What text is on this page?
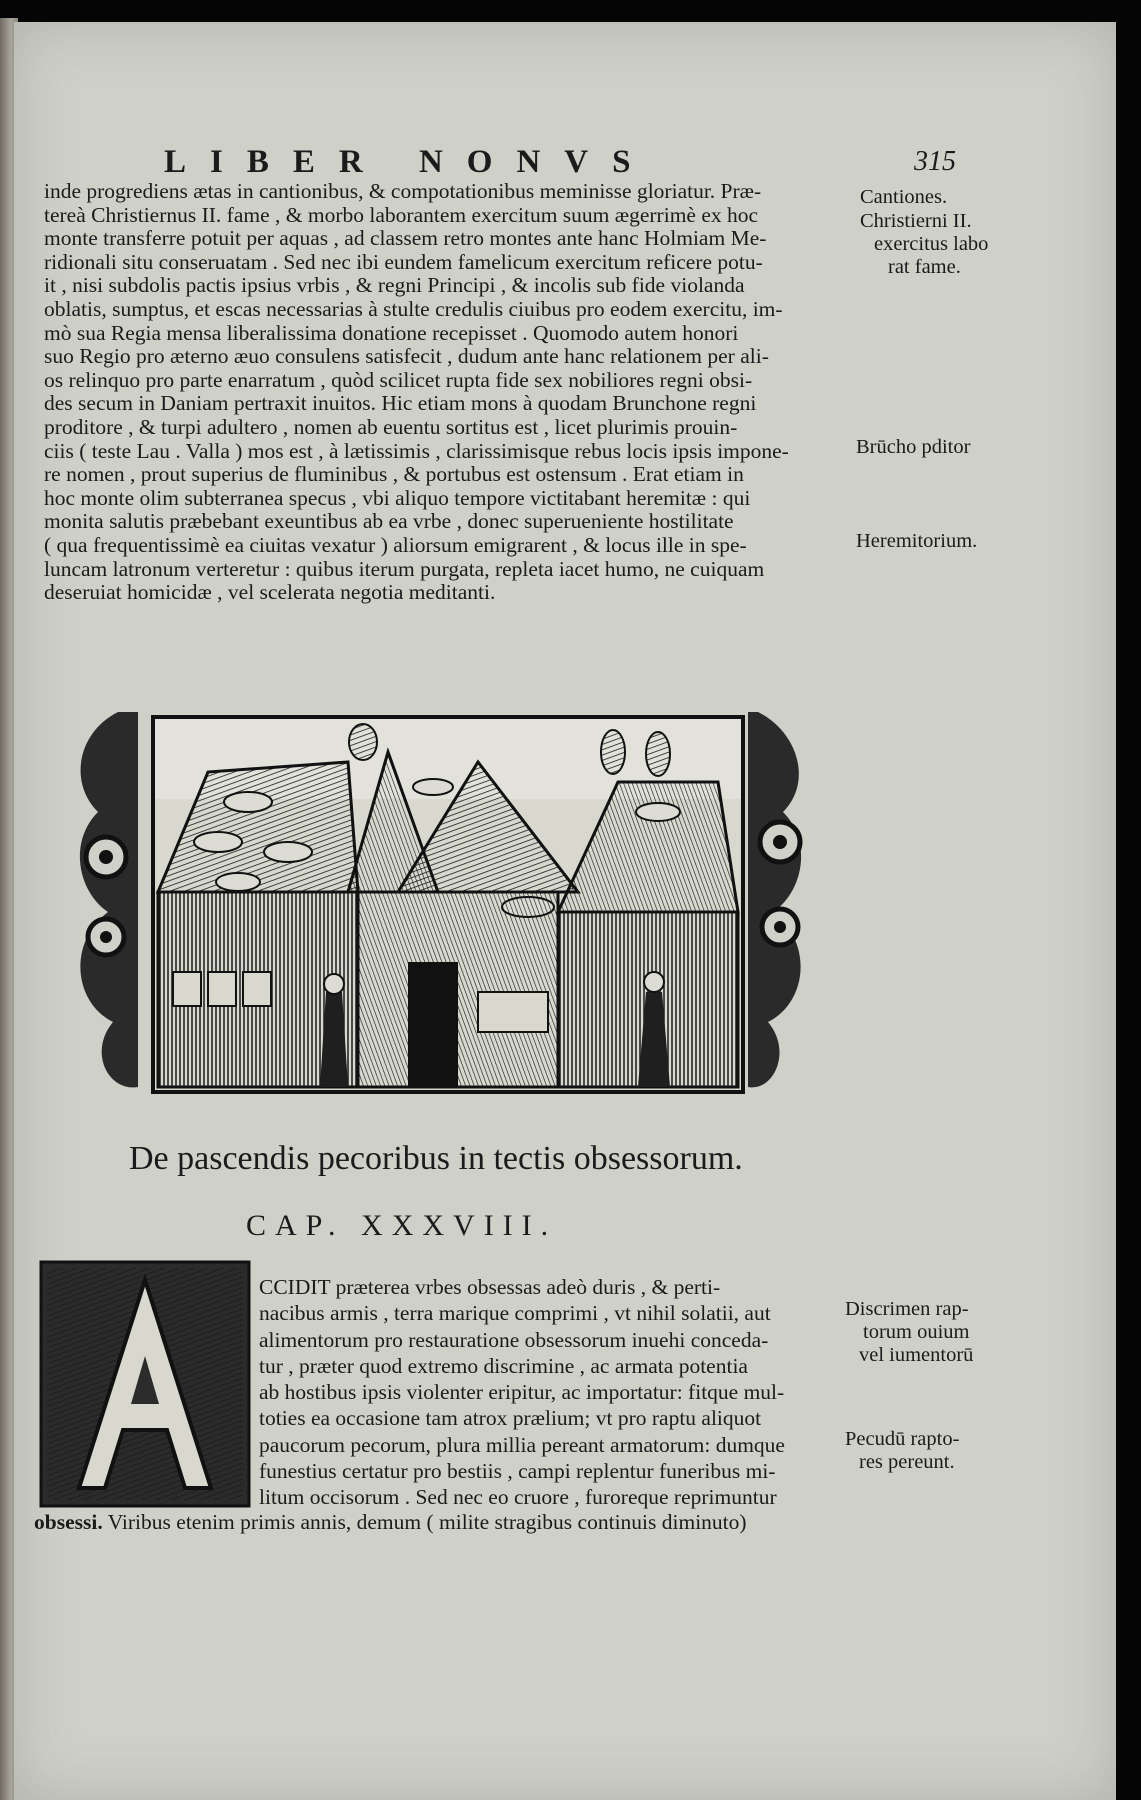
LIBER NONVS	315
inde progrediens ætas in cantionibus, & compotationibus meminisse gloriatur. Præ-
tereà Christiernus II. fame , & morbo laborantem exercitum suum ægerrimè ex hoc
monte transferre potuit per aquas , ad classem retro montes ante hanc Holmiam Me-
ridionali situ conseruatam . Sed nec ibi eundem famelicum exercitum reficere potu-
it , nisi subdolis pactis ipsius vrbis , & regni Principi , & incolis sub fide violanda
oblatis, sumptus, et escas necessarias à stulte credulis ciuibus pro eodem exercitu, im-
mò sua Regia mensa liberalissima donatione recepisset . Quomodo autem honori
suo Regio pro æterno æuo consulens satisfecit , dudum ante hanc relationem per ali-
os relinquo pro parte enarratum , quòd scilicet rupta fide sex nobiliores regni obsi-
des secum in Daniam pertraxit inuitos. Hic etiam mons à quodam Brunchone regni
proditore , & turpi adultero , nomen ab euentu sortitus est , licet plurimis prouin-
ciis ( teste Lau . Valla ) mos est , à lætissimis , clarissimisque rebus locis ipsis impone-
re nomen , prout superius de fluminibus , & portubus est ostensum . Erat etiam in
hoc monte olim subterranea specus , vbi aliquo tempore victitabant heremitæ : qui
monita salutis præbebant exeuntibus ab ea vrbe , donec superueniente hostilitate
( qua frequentissimè ea ciuitas vexatur ) aliorsum emigrarent , & locus ille in spe-
luncam latronum verteretur : quibus iterum purgata, repleta iacet humo, ne cuiquam
deseruiat homicidæ , vel scelerata negotia meditanti.
Cantiones.
Christierni II.
exercitus labo
rat fame.
Brūcho pditor
Heremitorium.
De pascendis pecoribus in tectis obsessorum.
CAP. XXXVIII.
CCIDIT præterea vrbes obsessas adeò duris , & perti-
nacibus armis , terra marique comprimi , vt nihil solatii, aut
alimentorum pro restauratione obsessorum inuehi conceda-
tur , præter quod extremo discrimine , ac armata potentia
ab hostibus ipsis violenter eripitur, ac importatur: fitque mul-
toties ea occasione tam atrox prælium; vt pro raptu aliquot
paucorum pecorum, plura millia pereant armatorum: dumque
funestius certatur pro bestiis , campi replentur funeribus mi-
litum occisorum . Sed nec eo cruore , furoreque reprimuntur
obsessi. Viribus etenim primis annis, demum ( milite stragibus continuis diminuto)
Discrimen rap-
torum ouium
vel iumentorū
Pecudū rapto-
res pereunt.
